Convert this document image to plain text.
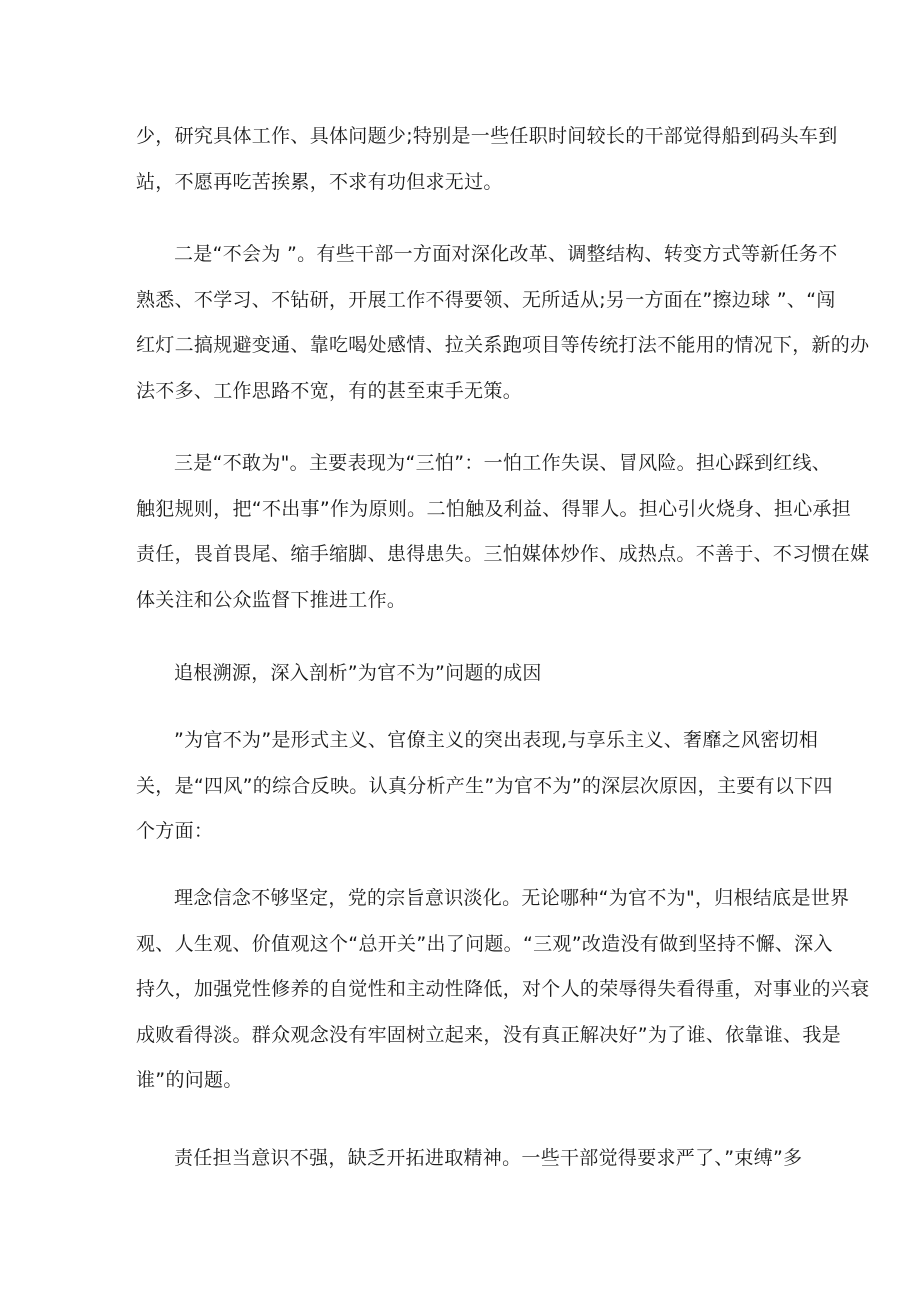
少，研究具体工作、具体问题少;特别是一些任职时间较长的干部觉得船到码头车到
站，不愿再吃苦挨累，不求有功但求无过。
二是“不会为 ”。有些干部一方面对深化改革、调整结构、转变方式等新任务不
熟悉、不学习、不钻研，开展工作不得要领、无所适从;另一方面在”擦边球 ”、“闯
红灯二搞规避变通、靠吃喝处感情、拉关系跑项目等传统打法不能用的情况下，新的办
法不多、工作思路不宽，有的甚至束手无策。
三是“不敢为"。主要表现为“三怕”：一怕工作失误、冒风险。担心踩到红线、
触犯规则，把“不出事”作为原则。二怕触及利益、得罪人。担心引火烧身、担心承担
责任，畏首畏尾、缩手缩脚、患得患失。三怕媒体炒作、成热点。不善于、不习惯在媒
体关注和公众监督下推进工作。
追根溯源，深入剖析”为官不为”问题的成因
”为官不为”是形式主义、官僚主义的突出表现,与享乐主义、奢靡之风密切相
关，是“四风”的综合反映。认真分析产生”为官不为”的深层次原因，主要有以下四
个方面：
理念信念不够坚定，党的宗旨意识淡化。无论哪种“为官不为"，归根结底是世界
观、人生观、价值观这个“总开关”出了问题。“三观”改造没有做到坚持不懈、深入
持久，加强党性修养的自觉性和主动性降低，对个人的荣辱得失看得重，对事业的兴衰
成败看得淡。群众观念没有牢固树立起来，没有真正解决好”为了谁、依靠谁、我是
谁”的问题。
责任担当意识不强，缺乏开拓进取精神。一些干部觉得要求严了、”束缚”多
